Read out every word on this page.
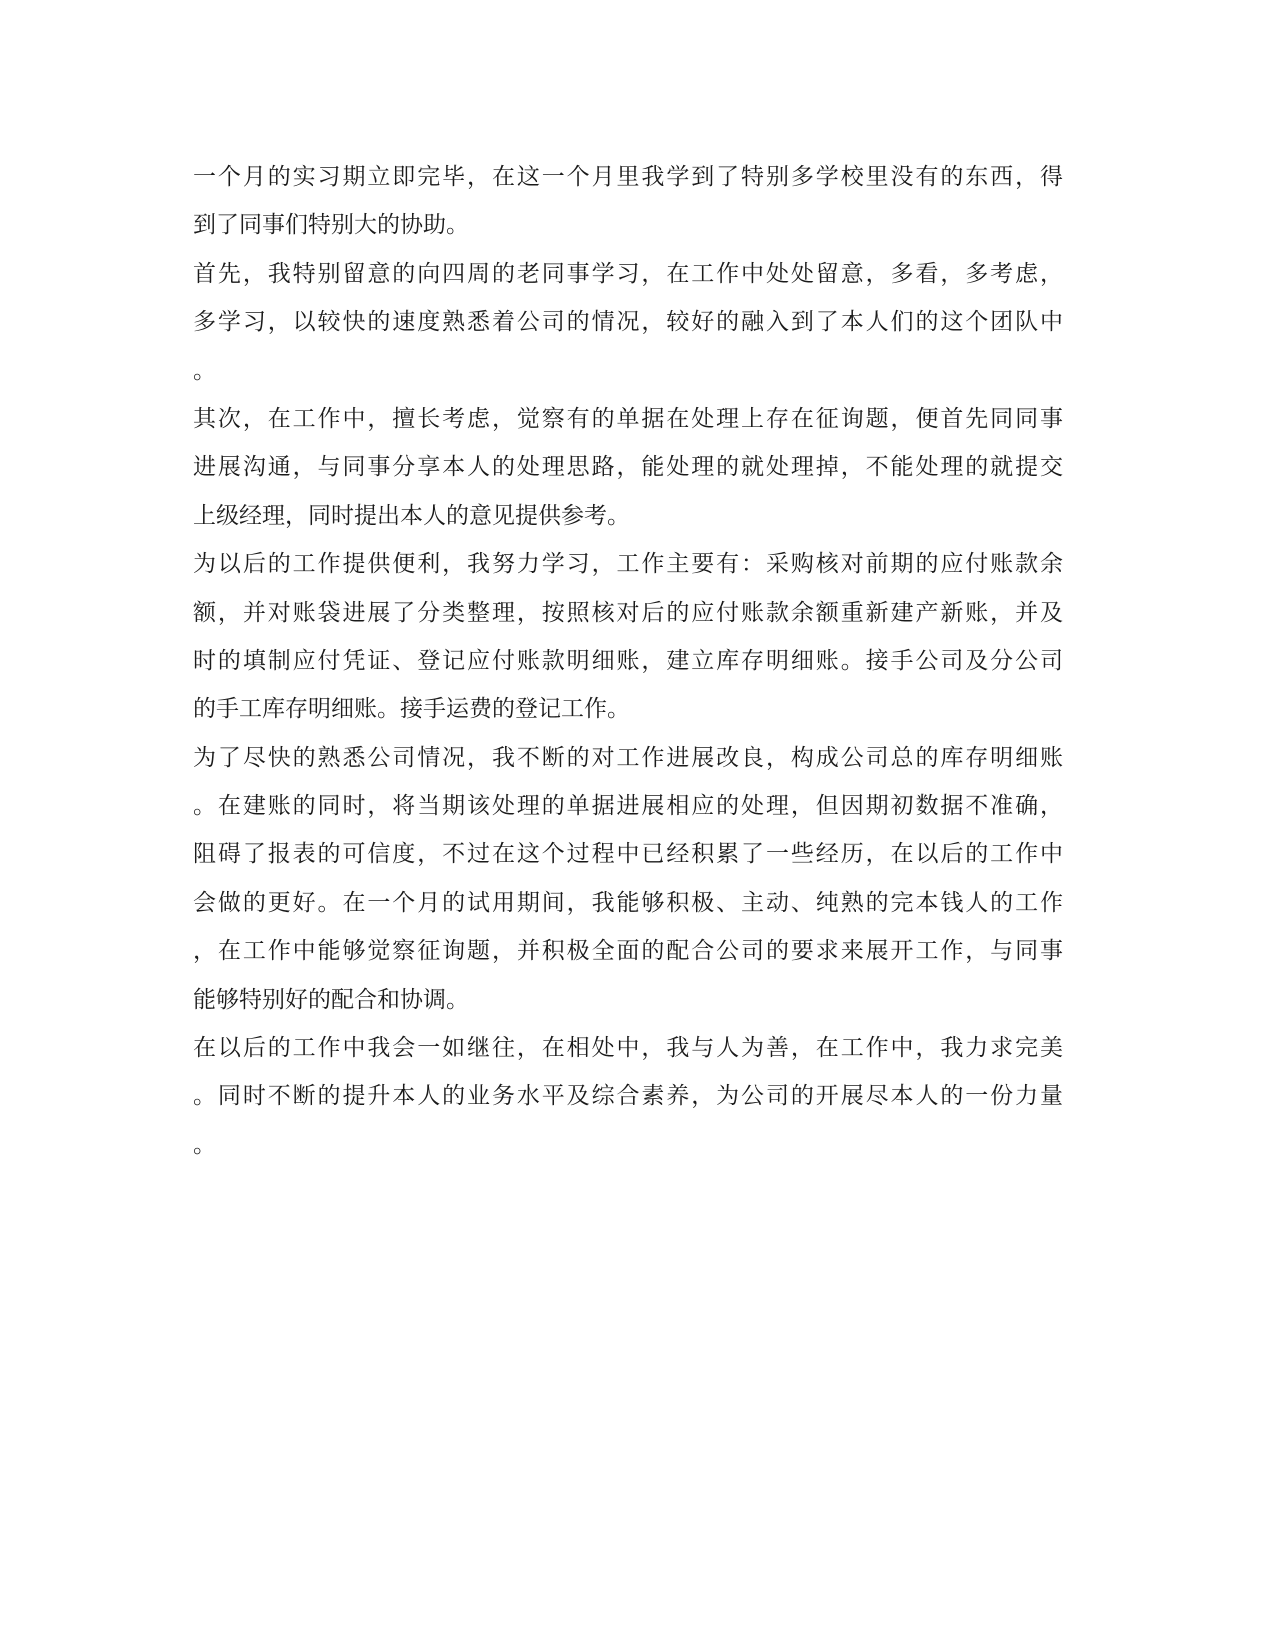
一个月的实习期立即完毕，在这一个月里我学到了特别多学校里没有的东西，得
到了同事们特别大的协助。
首先，我特别留意的向四周的老同事学习，在工作中处处留意，多看，多考虑，
多学习，以较快的速度熟悉着公司的情况，较好的融入到了本人们的这个团队中
。
其次，在工作中，擅长考虑，觉察有的单据在处理上存在征询题，便首先同同事
进展沟通，与同事分享本人的处理思路，能处理的就处理掉，不能处理的就提交
上级经理，同时提出本人的意见提供参考。
为以后的工作提供便利，我努力学习，工作主要有：采购核对前期的应付账款余
额，并对账袋进展了分类整理，按照核对后的应付账款余额重新建产新账，并及
时的填制应付凭证、登记应付账款明细账，建立库存明细账。接手公司及分公司
的手工库存明细账。接手运费的登记工作。
为了尽快的熟悉公司情况，我不断的对工作进展改良，构成公司总的库存明细账
。在建账的同时，将当期该处理的单据进展相应的处理，但因期初数据不准确，
阻碍了报表的可信度，不过在这个过程中已经积累了一些经历，在以后的工作中
会做的更好。在一个月的试用期间，我能够积极、主动、纯熟的完本钱人的工作
，在工作中能够觉察征询题，并积极全面的配合公司的要求来展开工作，与同事
能够特别好的配合和协调。
在以后的工作中我会一如继往，在相处中，我与人为善，在工作中，我力求完美
。同时不断的提升本人的业务水平及综合素养，为公司的开展尽本人的一份力量
。
